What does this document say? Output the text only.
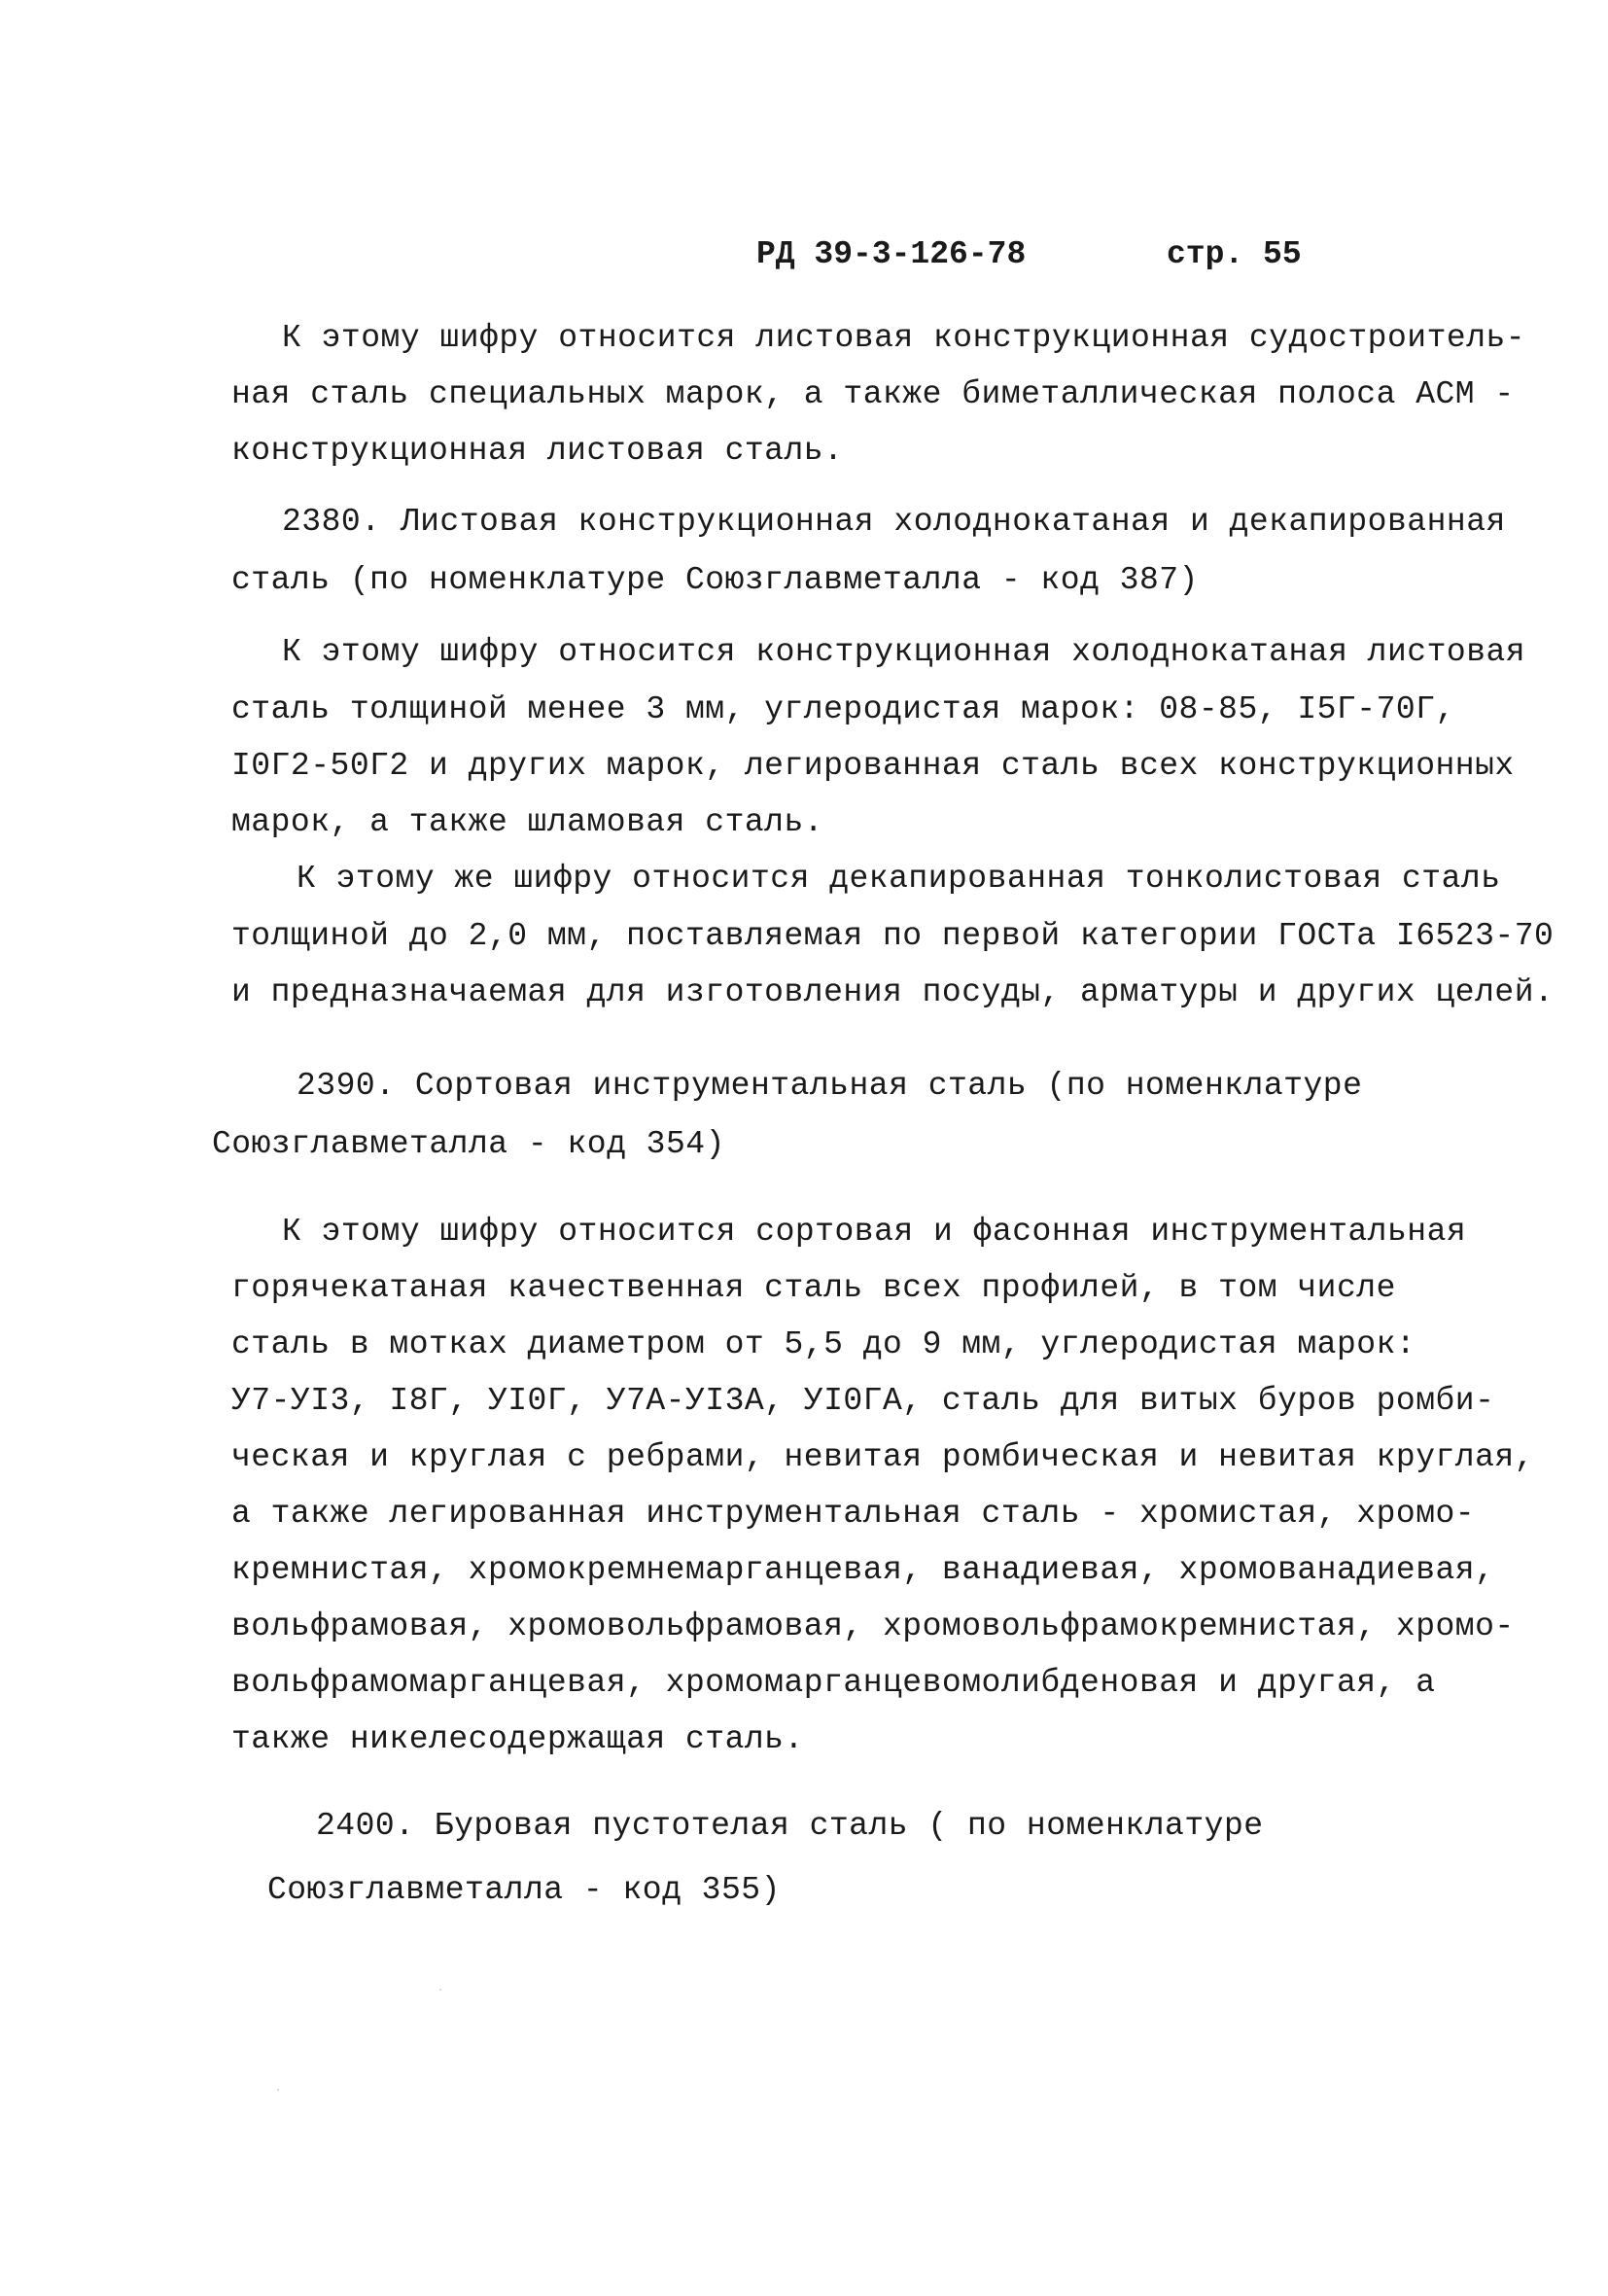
РД 39-3-126-78	стр. 55
К этому шифру относится листовая конструкционная судостроитель-
ная сталь специальных марок, а также биметаллическая полоса АСМ -
конструкционная листовая сталь.
2380. Листовая конструкционная холоднокатаная и декапированная
сталь (по номенклатуре Союзглавметалла - код 387)
К этому шифру относится конструкционная холоднокатаная листовая
сталь толщиной менее 3 мм, углеродистая марок: 08-85, I5Г-70Г,
I0Г2-50Г2 и других марок, легированная сталь всех конструкционных
марок, а также шламовая сталь.
К этому же шифру относится декапированная тонколистовая сталь
толщиной до 2,0 мм, поставляемая по первой категории ГОСТа I6523-70
и предназначаемая для изготовления посуды, арматуры и других целей.
2390. Сортовая инструментальная сталь (по номенклатуре
Союзглавметалла - код 354)
К этому шифру относится сортовая и фасонная инструментальная
горячекатаная качественная сталь всех профилей, в том числе
сталь в мотках диаметром от 5,5 до 9 мм, углеродистая марок:
У7-УI3, I8Г, УI0Г, У7А-УI3А, УI0ГА, сталь для витых буров ромби-
ческая и круглая с ребрами, невитая ромбическая и невитая круглая,
а также легированная инструментальная сталь - хромистая, хромо-
кремнистая, хромокремнемарганцевая, ванадиевая, хромованадиевая,
вольфрамовая, хромовольфрамовая, хромовольфрамокремнистая, хромо-
вольфрамомарганцевая, хромомарганцевомолибденовая и другая, а
также никелесодержащая сталь.
2400. Буровая пустотелая сталь ( по номенклатуре
Союзглавметалла - код 355)
